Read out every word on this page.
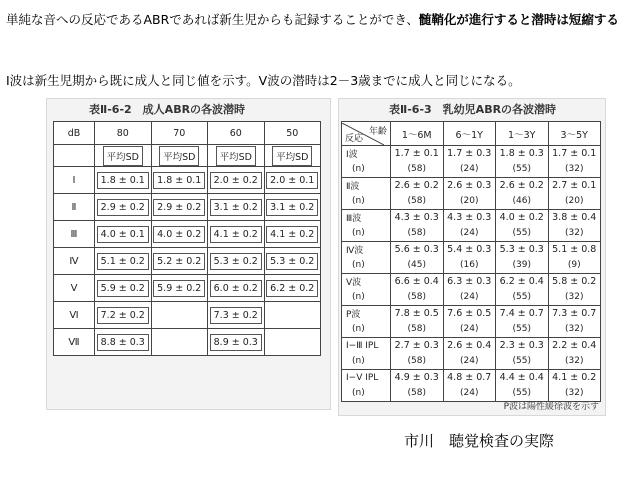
単純な音への反応であるABRであれば新生児からも記録することができ、髄鞘化が進行すると潜時は短縮する
Ⅰ波は新生児期から既に成人と同じ値を示す。Ⅴ波の潜時は2－3歳までに成人と同じになる。
表Ⅱ-6-2　成人ABRの各波潜時
dB	80	70	60	50
	平均SD	平均SD	平均SD	平均SD
Ⅰ	1.8 ± 0.1	1.8 ± 0.1	2.0 ± 0.2	2.0 ± 0.1
Ⅱ	2.9 ± 0.2	2.9 ± 0.2	3.1 ± 0.2	3.1 ± 0.2
Ⅲ	4.0 ± 0.1	4.0 ± 0.2	4.1 ± 0.2	4.1 ± 0.2
Ⅳ	5.1 ± 0.2	5.2 ± 0.2	5.3 ± 0.2	5.3 ± 0.2
Ⅴ	5.9 ± 0.2	5.9 ± 0.2	6.0 ± 0.2	6.2 ± 0.2
Ⅵ	7.2 ± 0.2		7.3 ± 0.2	
Ⅶ	8.8 ± 0.3		8.9 ± 0.3	
表Ⅱ-6-3　乳幼児ABRの各波潜時
年齢
反応	1～6M	6～1Y	1～3Y	3～5Y
Ⅰ波	1.7 ± 0.1	1.7 ± 0.3	1.8 ± 0.3	1.7 ± 0.1
(n)	(58)	(24)	(55)	(32)
Ⅱ波	2.6 ± 0.2	2.6 ± 0.3	2.6 ± 0.2	2.7 ± 0.1
(n)	(58)	(20)	(46)	(20)
Ⅲ波	4.3 ± 0.3	4.3 ± 0.3	4.0 ± 0.2	3.8 ± 0.4
(n)	(58)	(24)	(55)	(32)
Ⅳ波	5.6 ± 0.3	5.4 ± 0.3	5.3 ± 0.3	5.1 ± 0.8
(n)	(45)	(16)	(39)	(9)
Ⅴ波	6.6 ± 0.4	6.3 ± 0.3	6.2 ± 0.4	5.8 ± 0.2
(n)	(58)	(24)	(55)	(32)
P波	7.8 ± 0.5	7.6 ± 0.5	7.4 ± 0.7	7.3 ± 0.7
(n)	(58)	(24)	(55)	(32)
Ⅰ−Ⅲ IPL	2.7 ± 0.3	2.6 ± 0.4	2.3 ± 0.3	2.2 ± 0.4
(n)	(58)	(24)	(55)	(32)
Ⅰ−Ⅴ IPL	4.9 ± 0.3	4.8 ± 0.7	4.4 ± 0.4	4.1 ± 0.2
(n)	(58)	(24)	(55)	(32)
P波は陽性緩徐波を示す
市川　聴覚検査の実際
